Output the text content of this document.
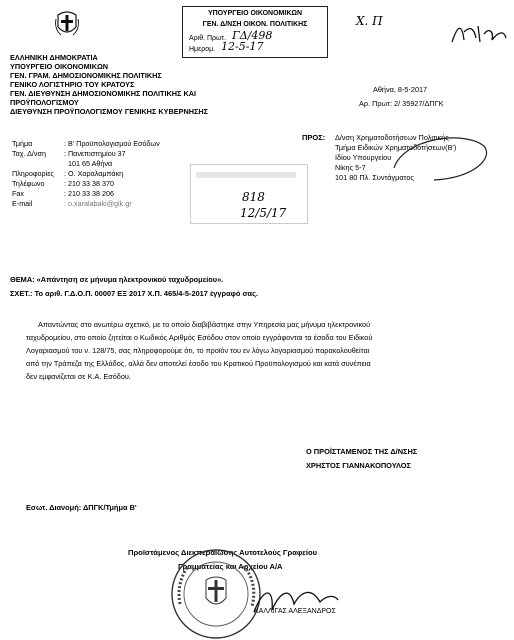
ΥΠΟΥΡΓΕΙΟ ΟΙΚΟΝΟΜΙΚΩΝ
ΓΕΝ. Δ/ΝΣΗ ΟΙΚΟΝ. ΠΟΛΙΤΙΚΗΣ
Αριθ. Πρωτ. ΓΔ/498
Ημερομ. 12-5-17
Χ. Π
ΕΛΛΗΝΙΚΗ ΔΗΜΟΚΡΑΤΙΑ
ΥΠΟΥΡΓΕΙΟ ΟΙΚΟΝΟΜΙΚΩΝ
ΓΕΝ. ΓΡΑΜ. ΔΗΜΟΣΙΟΝΟΜΙΚΗΣ ΠΟΛΙΤΙΚΗΣ
ΓΕΝΙΚΟ ΛΟΓΙΣΤΗΡΙΟ ΤΟΥ ΚΡΑΤΟΥΣ
ΓΕΝ. ΔΙΕΥΘΥΝΣΗ ΔΗΜΟΣΙΟΝΟΜΙΚΗΣ ΠΟΛΙΤΙΚΗΣ ΚΑΙ
ΠΡΟΫΠΟΛΟΓΙΣΜΟΥ
ΔΙΕΥΘΥΝΣΗ ΠΡΟΫΠΟΛΟΓΙΣΜΟΥ ΓΕΝΙΚΗΣ ΚΥΒΕΡΝΗΣΗΣ
Τμήμα	: Β' Προϋπολογισμού Εσόδων
Ταχ. Δ/νση	: Πανεπιστημίου 37
101 65 Αθήνα
Πληροφορίες : Ο. Χαραλαμπάκη
Τηλέφωνο	: 210 33 38 370
Fax	: 210 33 38 206
E-mail	: o.xaralabaki@glk.gr	818
12/5/17
Αθήνα, 8-5-2017
Αρ. Πρωτ: 2/ 35927/ΔΠΓΚ
ΠΡΟΣ: Δ/νση Χρηματοδοτήσεων Πολιτικής
Τμήμα Ειδικών Χρηματοδοτήσεων(Β')
Ιδίου Υπουργείου
Νίκης 5-7
101 80 Πλ. Συντάγματος
ΘΕΜΑ: «Απάντηση σε μήνυμα ηλεκτρονικού ταχυδρομείου».
ΣΧΕΤ.: Το αριθ. Γ.Δ.Ο.Π. 00007 ΕΞ 2017 Χ.Π. 465/4-5-2017 έγγραφό σας.
Απαντώντας στο ανωτέρω σχετικό, με το οποίο διαβιβάστηκε στην Υπηρεσία μας μήνυμα ηλεκτρονικού
ταχυδρομείου, στο οποίο ζητείται ο Κωδικός Αριθμός Εσόδου στον οποίο εγγράφονται τα έσοδα του Ειδικού
Λογαριασμού του ν. 128/75, σας πληροφορούμε ότι, το προϊόν του εν λόγω λογαριασμού παρακολουθείται
από την Τράπεζα της Ελλάδος, αλλά δεν αποτελεί έσοδο του Κρατικού Προϋπολογισμού και κατά συνέπεια
δεν εμφανίζεται σε Κ.Α. Εσόδου.
Ο ΠΡΟΪΣΤΑΜΕΝΟΣ ΤΗΣ Δ/ΝΣΗΣ
ΧΡΗΣΤΟΣ ΓΙΑΝΝΑΚΟΠΟΥΛΟΣ
Εσωτ. Διανομή: ΔΠΓΚ/Τμήμα Β'
Προϊστάμενος Διεκπεραίωσης Αυτοτελούς Γραφείου
Γραμματείας και Αρχείου Α/Α
ΚΑΛΛΙΓΑΣ ΑΛΕΞΑΝΔΡΟΣ
